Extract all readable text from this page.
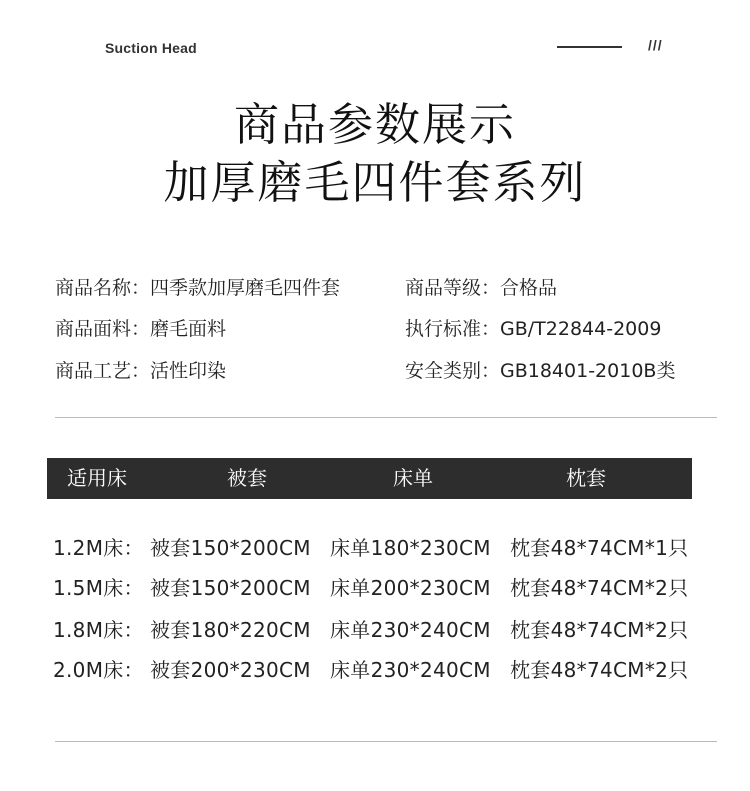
Suction Head	///
商品参数展示
加厚磨毛四件套系列
商品名称：四季款加厚磨毛四件套	商品等级：合格品
商品面料：磨毛面料	执行标准：GB/T22844-2009
商品工艺：活性印染	安全类别：GB18401-2010B类
适用床	被套	床单	枕套
1.2M床： 被套150*200CM 床单180*230CM 枕套48*74CM*1只
1.5M床： 被套150*200CM 床单200*230CM 枕套48*74CM*2只
1.8M床： 被套180*220CM 床单230*240CM 枕套48*74CM*2只
2.0M床： 被套200*230CM 床单230*240CM 枕套48*74CM*2只
